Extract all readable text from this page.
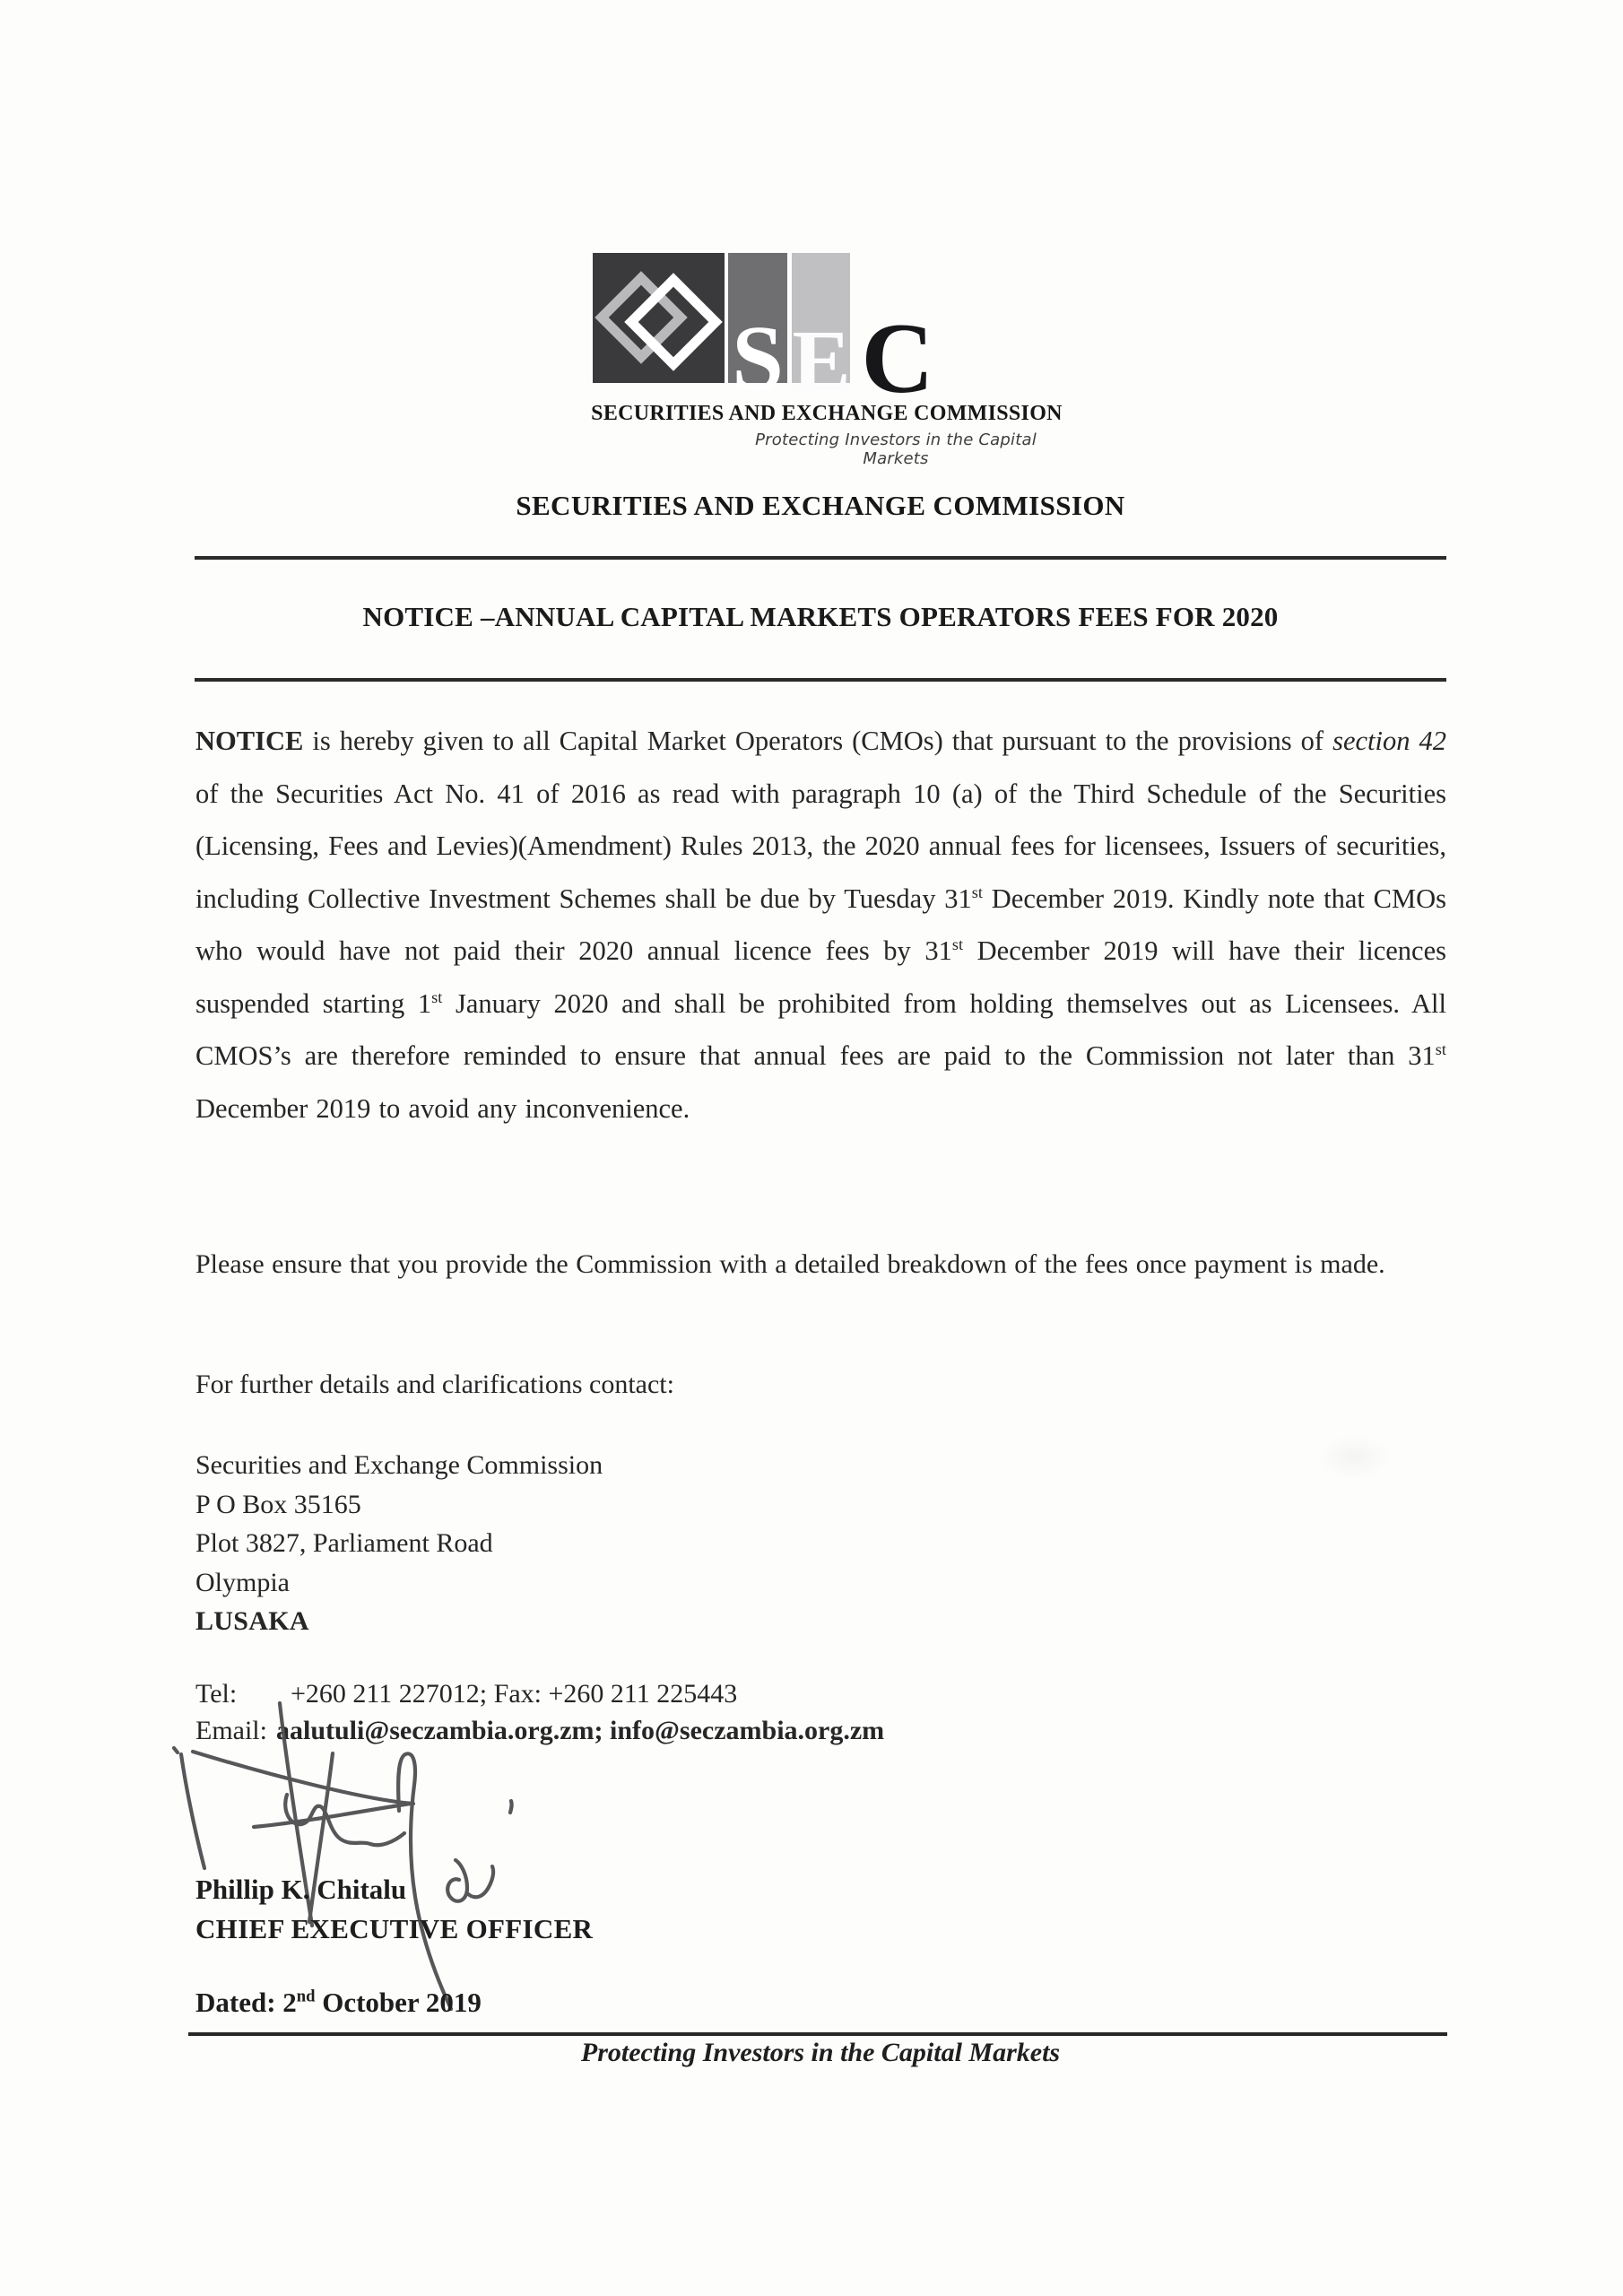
S E C
SECURITIES AND EXCHANGE COMMISSION
Protecting Investors in the Capital Markets
SECURITIES AND EXCHANGE COMMISSION
NOTICE –ANNUAL CAPITAL MARKETS OPERATORS FEES FOR 2020

NOTICE is hereby given to all Capital Market Operators (CMOs) that pursuant to the provisions of section 42 of the Securities Act No. 41 of 2016 as read with paragraph 10 (a) of the Third Schedule of the Securities (Licensing, Fees and Levies)(Amendment) Rules 2013, the 2020 annual fees for licensees, Issuers of securities, including Collective Investment Schemes shall be due by Tuesday 31st December 2019. Kindly note that CMOs who would have not paid their 2020 annual licence fees by 31st December 2019 will have their licences suspended starting 1st January 2020 and shall be prohibited from holding themselves out as Licensees. All CMOS’s are therefore reminded to ensure that annual fees are paid to the Commission not later than 31st December 2019 to avoid any inconvenience.

Please ensure that you provide the Commission with a detailed breakdown of the fees once payment is made.

For further details and clarifications contact:

Securities and Exchange Commission
P O Box 35165
Plot 3827, Parliament Road
Olympia
LUSAKA
Tel: +260 211 227012; Fax: +260 211 225443
Email: aalutuli@seczambia.org.zm; info@seczambia.org.zm
Phillip K. Chitalu
CHIEF EXECUTIVE OFFICER
Dated: 2nd October 2019
Protecting Investors in the Capital Markets
